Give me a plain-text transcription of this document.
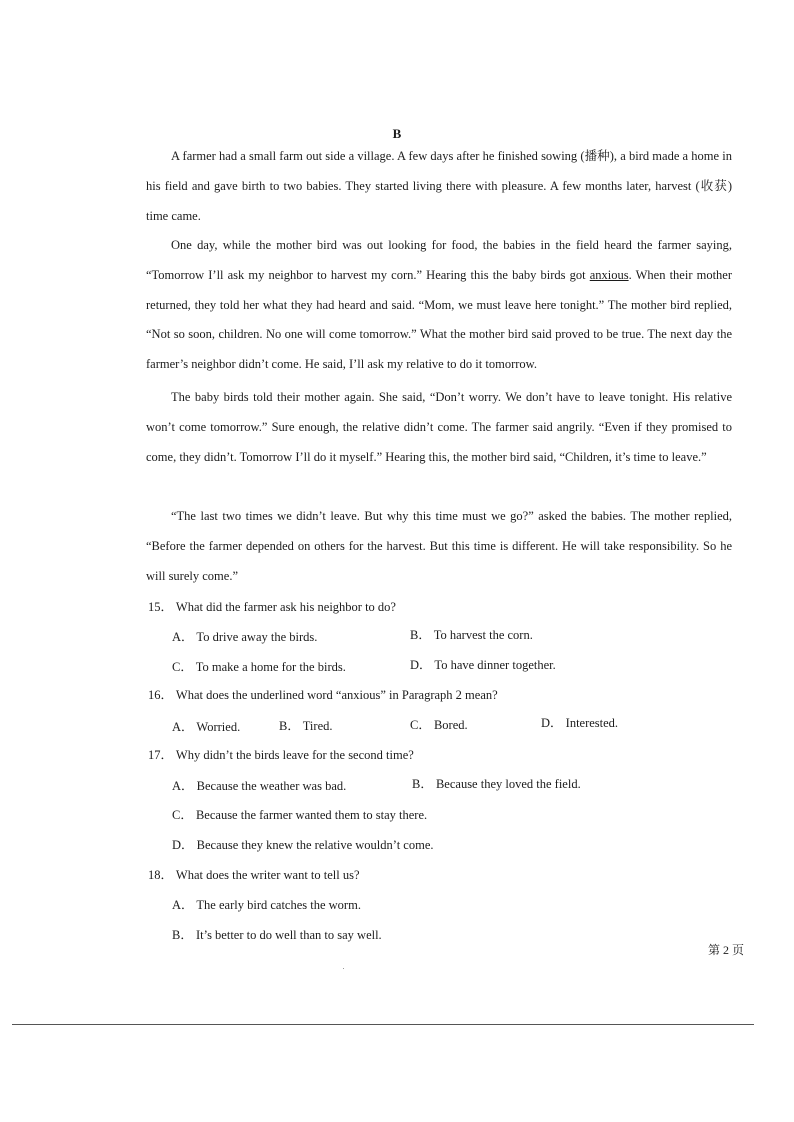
B

A farmer had a small farm out side a village. A few days after he finished sowing (播种), a bird made a home in his field and gave birth to two babies. They started living there with pleasure. A few months later, harvest (收获) time came.

One day, while the mother bird was out looking for food, the babies in the field heard the farmer saying, “Tomorrow I’ll ask my neighbor to harvest my corn.” Hearing this the baby birds got anxious. When their mother returned, they told her what they had heard and said. “Mom, we must leave here tonight.” The mother bird replied, “Not so soon, children. No one will come tomorrow.” What the mother bird said proved to be true. The next day the farmer’s neighbor didn’t come. He said, I’ll ask my relative to do it tomorrow.

The baby birds told their mother again. She said, “Don’t worry. We don’t have to leave tonight. His relative won’t come tomorrow.” Sure enough, the relative didn’t come. The farmer said angrily. “Even if they promised to come, they didn’t. Tomorrow I’ll do it myself.” Hearing this, the mother bird said, “Children, it’s time to leave.”

“The last two times we didn’t leave. But why this time must we go?” asked the babies. The mother replied, “Before the farmer depended on others for the harvest. But this time is different. He will take responsibility. So he will surely come.”

15． What did the farmer ask his neighbor to do?
A． To drive away the birds.	B． To harvest the corn.
C． To make a home for the birds.	D． To have dinner together.
16． What does the underlined word “anxious” in Paragraph 2 mean?
A． Worried.	B． Tired.	C． Bored.	D． Interested.
17． Why didn’t the birds leave for the second time?
A． Because the weather was bad.	B． Because they loved the field.
C． Because the farmer wanted them to stay there.
D． Because they knew the relative wouldn’t come.
18． What does the writer want to tell us?
A． The early bird catches the worm.
B． It’s better to do well than to say well.
第 2 页
